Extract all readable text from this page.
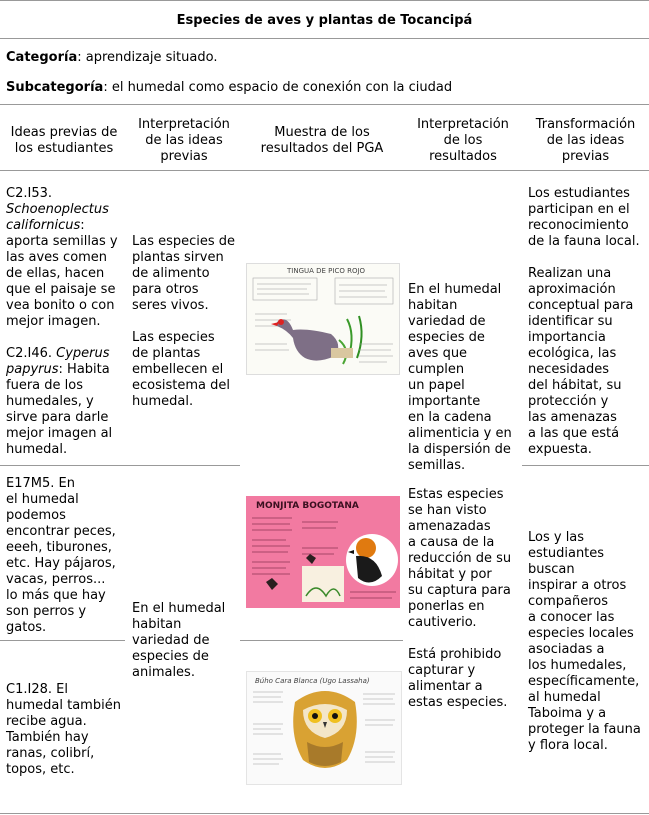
Especies de aves y plantas de Tocancipá
Categoría: aprendizaje situado.
Subcategoría: el humedal como espacio de conexión con la ciudad
Ideas previas de
los estudiantes
Interpretación
de las ideas
previas
Muestra de los
resultados del PGA
Interpretación
de los
resultados
Transformación
de las ideas
previas
C2.I53.
Schoenoplectus
californicus:
aporta semillas y
las aves comen
de ellas, hacen
que el paisaje se
vea bonito o con
mejor imagen.
C2.I46. Cyperus
papyrus: Habita
fuera de los
humedales, y
sirve para darle
mejor imagen al
humedal.
E17M5. En
el humedal
podemos
encontrar peces,
eeeh, tiburones,
etc. Hay pájaros,
vacas, perros...
lo más que hay
son perros y
gatos.
C1.I28. El
humedal también
recibe agua.
También hay
ranas, colibrí,
topos, etc.
Las especies de
plantas sirven
de alimento
para otros
seres vivos.
Las especies
de plantas
embellecen el
ecosistema del
humedal.
En el humedal
habitan
variedad de
especies de
animales.
TINGUA DE PICO ROJO
MONJITA BOGOTANA
Búho Cara Blanca (Ugo Lassaha)
En el humedal
habitan
variedad de
especies de
aves que
cumplen
un papel
importante
en la cadena
alimenticia y en
la dispersión de
semillas.
Estas especies
se han visto
amenazadas
a causa de la
reducción de su
hábitat y por
su captura para
ponerlas en
cautiverio.
Está prohibido
capturar y
alimentar a
estas especies.
Los estudiantes
participan en el
reconocimiento
de la fauna local.
Realizan una
aproximación
conceptual para
identificar su
importancia
ecológica, las
necesidades
del hábitat, su
protección y
las amenazas
a las que está
expuesta.
Los y las
estudiantes
buscan
inspirar a otros
compañeros
a conocer las
especies locales
asociadas a
los humedales,
específicamente,
al humedal
Taboima y a
proteger la fauna
y flora local.
